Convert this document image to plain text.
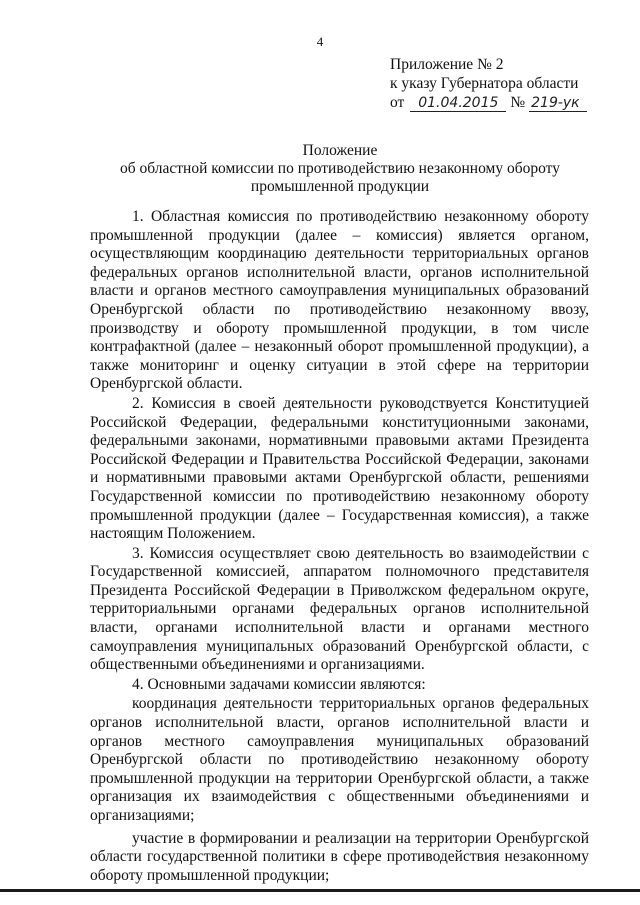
4
Приложение № 2
к указу Губернатора области
от 01.04.2015 № 219-ук
Положение
об областной комиссии по противодействию незаконному обороту
промышленной продукции

1. Областная комиссия по противодействию незаконному обороту промышленной продукции (далее – комиссия) является органом, осуществляющим координацию деятельности территориальных органов федеральных органов исполнительной власти, органов исполнительной власти и органов местного самоуправления муниципальных образований Оренбургской области по противодействию незаконному ввозу, производству и обороту промышленной продукции, в том числе контрафактной (далее – незаконный оборот промышленной продукции), а также мониторинг и оценку ситуации в этой сфере на территории Оренбургской области.

2. Комиссия в своей деятельности руководствуется Конституцией Российской Федерации, федеральными конституционными законами, федеральными законами, нормативными правовыми актами Президента Российской Федерации и Правительства Российской Федерации, законами и нормативными правовыми актами Оренбургской области, решениями Государственной комиссии по противодействию незаконному обороту промышленной продукции (далее – Государственная комиссия), а также настоящим Положением.

3. Комиссия осуществляет свою деятельность во взаимодействии с Государственной комиссией, аппаратом полномочного представителя Президента Российской Федерации в Приволжском федеральном округе, территориальными органами федеральных органов исполнительной власти, органами исполнительной власти и органами местного самоуправления муниципальных образований Оренбургской области, с общественными объединениями и организациями.

4. Основными задачами комиссии являются:

координация деятельности территориальных органов федеральных органов исполнительной власти, органов исполнительной власти и органов местного самоуправления муниципальных образований Оренбургской области по противодействию незаконному обороту промышленной продукции на территории Оренбургской области, а также организация их взаимодействия с общественными объединениями и организациями;

участие в формировании и реализации на территории Оренбургской области государственной политики в сфере противодействия незаконному обороту промышленной продукции;
